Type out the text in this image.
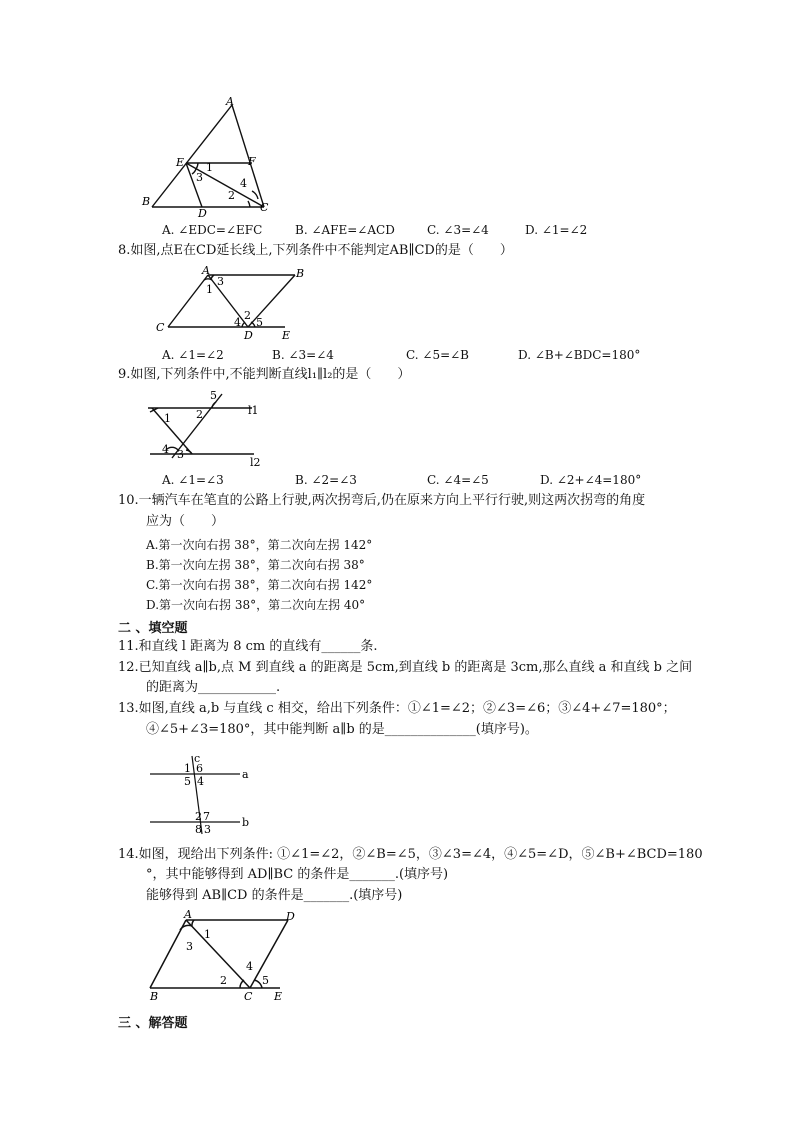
A
E	F
B
D	C
1
3	4
2
A. ∠EDC=∠EFC	B. ∠AFE=∠ACD	C. ∠3=∠4	D. ∠1=∠2
8.如图,点E在CD延长线上,下列条件中不能判定AB∥CD的是（　　）
A	B
C
D	E
1
3
2
4 5
A. ∠1=∠2	B. ∠3=∠4	C. ∠5=∠B	D. ∠B+∠BDC=180°
9.如图,下列条件中,不能判断直线l₁∥l₂的是（　　）
l1
l2
5
1 2
4 3
A. ∠1=∠3	B. ∠2=∠3	C. ∠4=∠5	D. ∠2+∠4=180°
10.一辆汽车在笔直的公路上行驶,两次拐弯后,仍在原来方向上平行行驶,则这两次拐弯的角度
应为（　　）
A.第一次向右拐 38°，第二次向左拐 142°
B.第一次向左拐 38°，第二次向右拐 38°
C.第一次向右拐 38°，第二次向右拐 142°
D.第一次向右拐 38°，第二次向左拐 40°
二 、填空题
11.和直线 l 距离为 8 cm 的直线有______条.
12.已知直线 a∥b,点 M 到直线 a 的距离是 5cm,到直线 b 的距离是 3cm,那么直线 a 和直线 b 之间
的距离为____________.
13.如图,直线 a,b 与直线 c 相交，给出下列条件：①∠1=∠2；②∠3=∠6；③∠4+∠7=180°；
④∠5+∠3=180°，其中能判断 a∥b 的是______________(填序号)。
c
a
b
1 6
5 4
2 7
8 3
14.如图，现给出下列条件: ①∠1=∠2，②∠B=∠5，③∠3=∠4，④∠5=∠D，⑤∠B+∠BCD=180
°，其中能够得到 AD∥BC 的条件是_______.(填序号)
能够得到 AB∥CD 的条件是_______.(填序号)
A	D
B	C E
1
3
2
4
5
三 、解答题
